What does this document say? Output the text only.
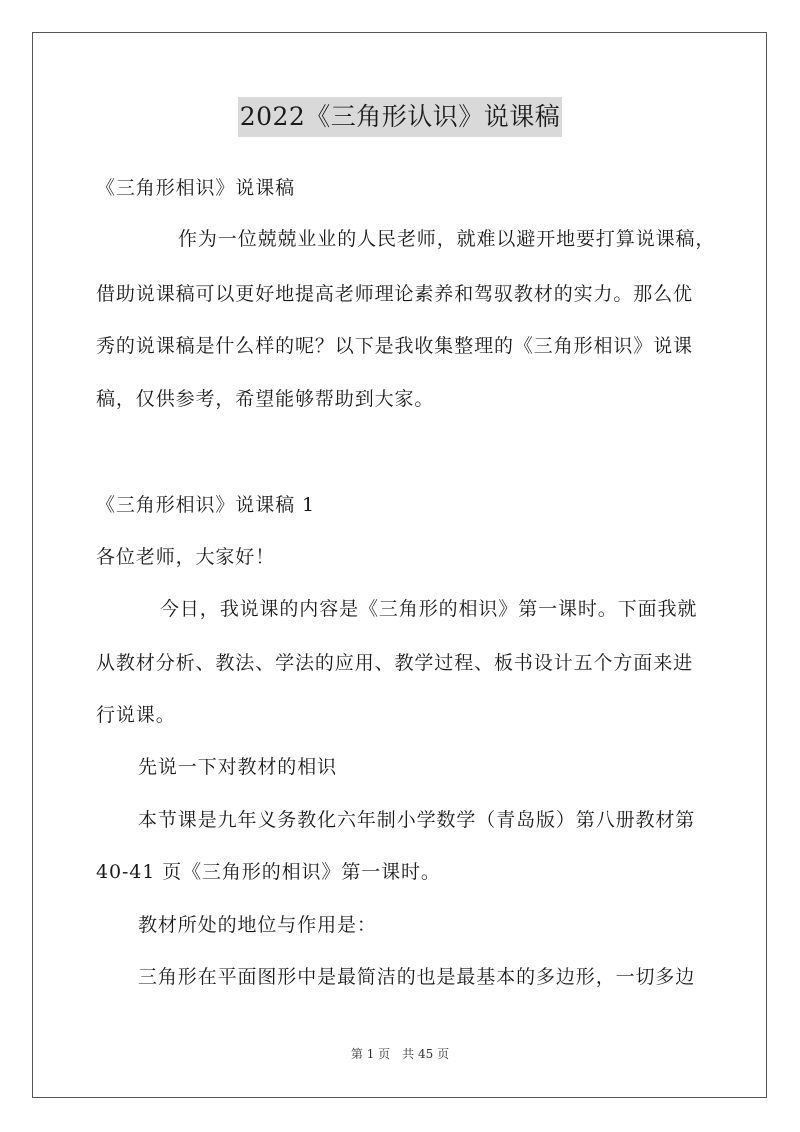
2022《三角形认识》说课稿
《三角形相识》说课稿
作为一位兢兢业业的人民老师，就难以避开地要打算说课稿，
借助说课稿可以更好地提高老师理论素养和驾驭教材的实力。那么优
秀的说课稿是什么样的呢？以下是我收集整理的《三角形相识》说课
稿，仅供参考，希望能够帮助到大家。
《三角形相识》说课稿 1
各位老师，大家好！
今日，我说课的内容是《三角形的相识》第一课时。下面我就
从教材分析、教法、学法的应用、教学过程、板书设计五个方面来进
行说课。
先说一下对教材的相识
本节课是九年义务教化六年制小学数学（青岛版）第八册教材第
40-41 页《三角形的相识》第一课时。
教材所处的地位与作用是：
三角形在平面图形中是最简洁的也是最基本的多边形，一切多边
第 1 页 共 45 页
